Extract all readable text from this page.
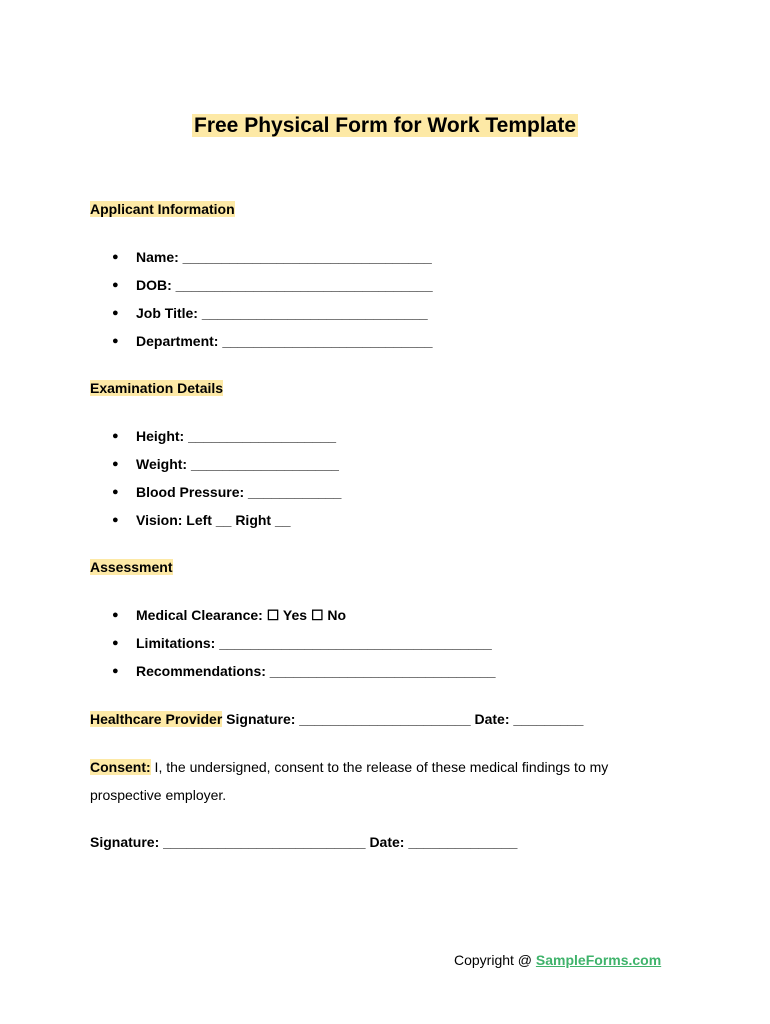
Free Physical Form for Work Template
Applicant Information
● Name: ________________________________
● DOB: _________________________________
● Job Title: _____________________________
● Department: ___________________________
Examination Details
● Height: ___________________
● Weight: ___________________
● Blood Pressure: ____________
● Vision: Left __ Right __
Assessment
● Medical Clearance: ☐ Yes ☐ No
● Limitations: ___________________________________
● Recommendations: _____________________________
Healthcare Provider Signature: ______________________ Date: _________
Consent: I, the undersigned, consent to the release of these medical findings to my prospective employer.
Signature: __________________________ Date: ______________
Copyright @ SampleForms.com
